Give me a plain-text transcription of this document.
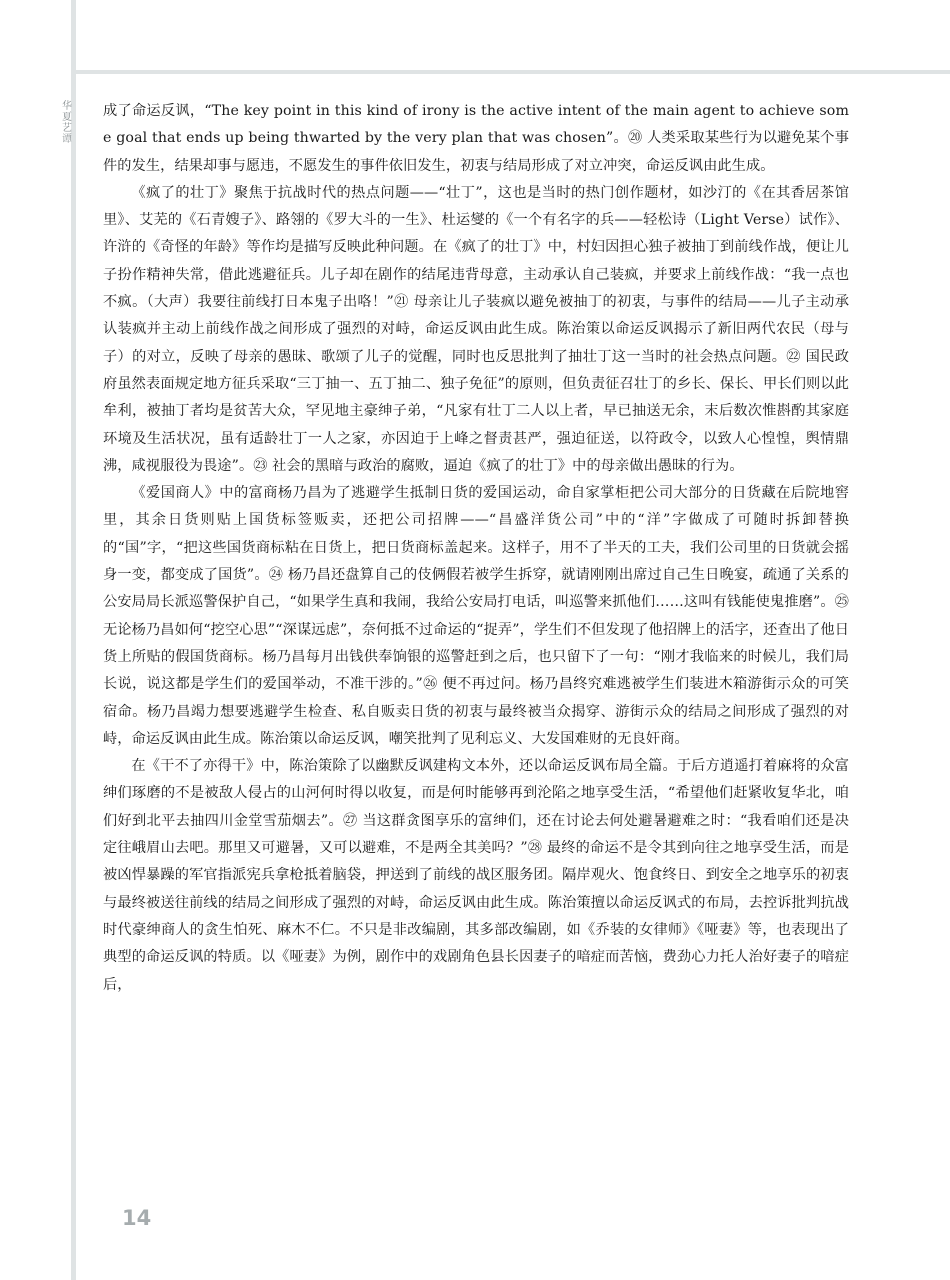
华夏艺谭

成了命运反讽，“The key point in this kind of irony is the active intent of the main agent to achieve some goal that ends up being thwarted by the very plan that was chosen”。⑳ 人类采取某些行为以避免某个事件的发生，结果却事与愿违，不愿发生的事件依旧发生，初衷与结局形成了对立冲突，命运反讽由此生成。

《疯了的壮丁》聚焦于抗战时代的热点问题——“壮丁”，这也是当时的热门创作题材，如沙汀的《在其香居茶馆里》、艾芜的《石青嫂子》、路翎的《罗大斗的一生》、杜运燮的《一个有名字的兵——轻松诗（Light Verse）试作》、许浒的《奇怪的年龄》等作均是描写反映此种问题。在《疯了的壮丁》中，村妇因担心独子被抽丁到前线作战，便让儿子扮作精神失常，借此逃避征兵。儿子却在剧作的结尾违背母意，主动承认自己装疯，并要求上前线作战：“我一点也不疯。（大声）我要往前线打日本鬼子出咯！”㉑ 母亲让儿子装疯以避免被抽丁的初衷，与事件的结局——儿子主动承认装疯并主动上前线作战之间形成了强烈的对峙，命运反讽由此生成。陈治策以命运反讽揭示了新旧两代农民（母与子）的对立，反映了母亲的愚昧、歌颂了儿子的觉醒，同时也反思批判了抽壮丁这一当时的社会热点问题。㉒ 国民政府虽然表面规定地方征兵采取“三丁抽一、五丁抽二、独子免征”的原则，但负责征召壮丁的乡长、保长、甲长们则以此牟利，被抽丁者均是贫苦大众，罕见地主豪绅子弟，“凡家有壮丁二人以上者，早已抽送无余，末后数次惟斟酌其家庭环境及生活状况，虽有适龄壮丁一人之家，亦因迫于上峰之督责甚严，强迫征送，以符政令，以致人心惶惶，舆情鼎沸，咸视服役为畏途”。㉓ 社会的黑暗与政治的腐败，逼迫《疯了的壮丁》中的母亲做出愚昧的行为。

《爱国商人》中的富商杨乃昌为了逃避学生抵制日货的爱国运动，命自家掌柜把公司大部分的日货藏在后院地窖里，其余日货则贴上国货标签贩卖，还把公司招牌——“昌盛洋货公司”中的“洋”字做成了可随时拆卸替换的“国”字，“把这些国货商标粘在日货上，把日货商标盖起来。这样子，用不了半天的工夫，我们公司里的日货就会摇身一变，都变成了国货”。㉔ 杨乃昌还盘算自己的伎俩假若被学生拆穿，就请刚刚出席过自己生日晚宴，疏通了关系的公安局局长派巡警保护自己，“如果学生真和我闹，我给公安局打电话，叫巡警来抓他们……这叫有钱能使鬼推磨”。㉕ 无论杨乃昌如何“挖空心思”“深谋远虑”，奈何抵不过命运的“捉弄”，学生们不但发现了他招牌上的活字，还查出了他日货上所贴的假国货商标。杨乃昌每月出钱供奉饷银的巡警赶到之后，也只留下了一句：“刚才我临来的时候儿，我们局长说，说这都是学生们的爱国举动，不准干涉的。”㉖ 便不再过问。杨乃昌终究难逃被学生们装进木箱游街示众的可笑宿命。杨乃昌竭力想要逃避学生检查、私自贩卖日货的初衷与最终被当众揭穿、游街示众的结局之间形成了强烈的对峙，命运反讽由此生成。陈治策以命运反讽，嘲笑批判了见利忘义、大发国难财的无良奸商。

在《干不了亦得干》中，陈治策除了以幽默反讽建构文本外，还以命运反讽布局全篇。于后方逍遥打着麻将的众富绅们琢磨的不是被敌人侵占的山河何时得以收复，而是何时能够再到沦陷之地享受生活，“希望他们赶紧收复华北，咱们好到北平去抽四川金堂雪茄烟去”。㉗ 当这群贪图享乐的富绅们，还在讨论去何处避暑避难之时：“我看咱们还是决定往峨眉山去吧。那里又可避暑，又可以避难，不是两全其美吗？”㉘ 最终的命运不是令其到向往之地享受生活，而是被凶悍暴躁的军官指派宪兵拿枪抵着脑袋，押送到了前线的战区服务团。隔岸观火、饱食终日、到安全之地享乐的初衷与最终被送往前线的结局之间形成了强烈的对峙，命运反讽由此生成。陈治策擅以命运反讽式的布局，去控诉批判抗战时代豪绅商人的贪生怕死、麻木不仁。不只是非改编剧，其多部改编剧，如《乔装的女律师》《哑妻》等，也表现出了典型的命运反讽的特质。以《哑妻》为例，剧作中的戏剧角色县长因妻子的喑症而苦恼，费劲心力托人治好妻子的喑症后，

14
